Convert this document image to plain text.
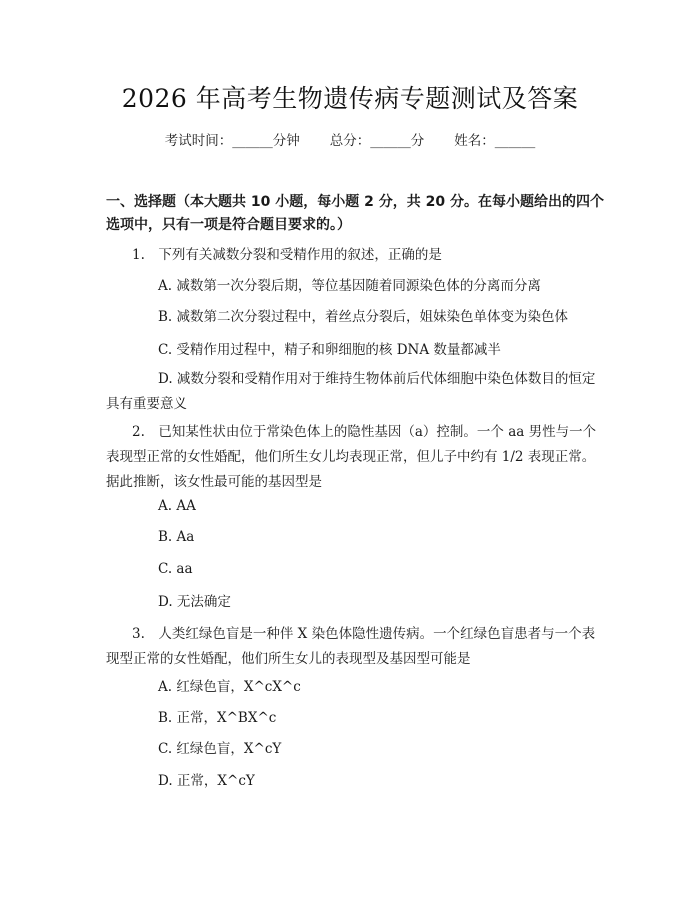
2026 年高考生物遗传病专题测试及答案
考试时间：______分钟 总分：______分 姓名：______
一、选择题（本大题共 10 小题，每小题 2 分，共 20 分。在每小题给出的四个选项中，只有一项是符合题目要求的。）
1.　下列有关减数分裂和受精作用的叙述，正确的是
A. 减数第一次分裂后期，等位基因随着同源染色体的分离而分离
B. 减数第二次分裂过程中，着丝点分裂后，姐妹染色单体变为染色体
C. 受精作用过程中，精子和卵细胞的核 DNA 数量都减半
D. 减数分裂和受精作用对于维持生物体前后代体细胞中染色体数目的恒定具有重要意义
2.　已知某性状由位于常染色体上的隐性基因（a）控制。一个 aa 男性与一个表现型正常的女性婚配，他们所生女儿均表现正常，但儿子中约有 1/2 表现正常。据此推断，该女性最可能的基因型是
A. AA
B. Aa
C. aa
D. 无法确定
3.　人类红绿色盲是一种伴 X 染色体隐性遗传病。一个红绿色盲患者与一个表现型正常的女性婚配，他们所生女儿的表现型及基因型可能是
A. 红绿色盲，X^cX^c
B. 正常，X^BX^c
C. 红绿色盲，X^cY
D. 正常，X^cY
